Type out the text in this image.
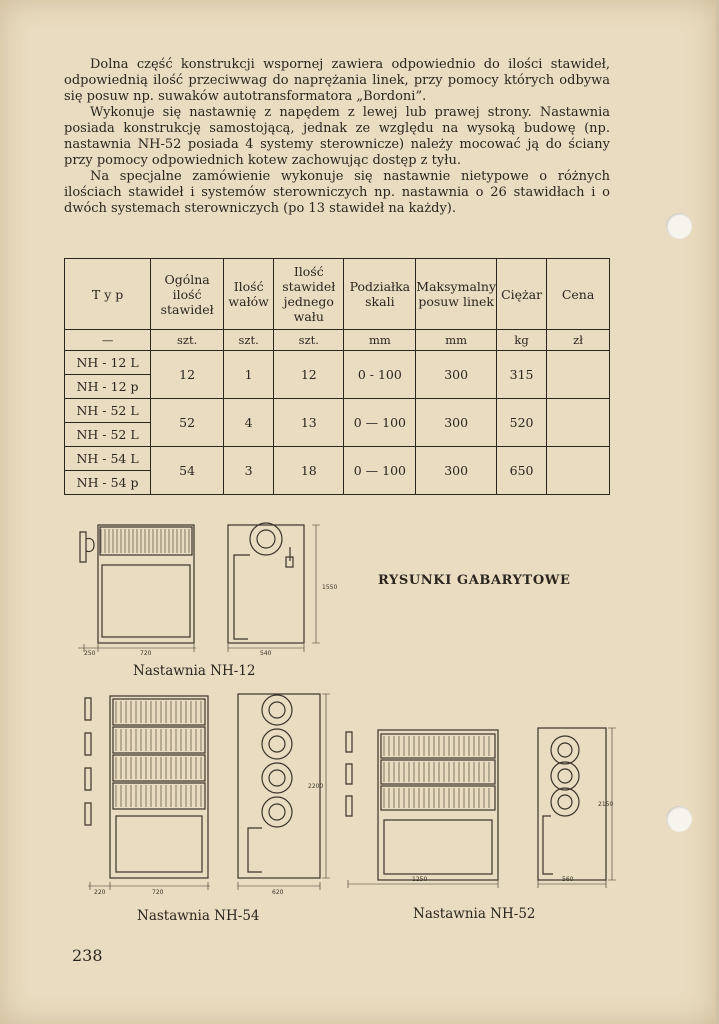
Dolna część konstrukcji wspornej zawiera odpowiednio do ilości stawideł, odpowiednią ilość przeciwwag do naprężania linek, przy pomocy których odbywa się posuw np. suwaków autotransformatora „Bordoni”.

Wykonuje się nastawnię z napędem z lewej lub prawej strony. Nastawnia posiada konstrukcję samostojącą, jednak ze względu na wysoką budowę (np. nastawnia NH-52 posiada 4 systemy sterownicze) należy mocować ją do ściany przy pomocy odpowiednich kotew zachowując dostęp z tyłu.

Na specjalne zamówienie wykonuje się nastawnie nietypowe o różnych ilościach stawideł i systemów sterowniczych np. nastawnia o 26 stawidłach i o dwóch systemach sterowniczych (po 13 stawideł na każdy).

T y p	Ogólna ilość stawideł	Ilość wałów	Ilość stawideł jednego wału	Podziałka skali	Maksymalny posuw linek	Ciężar	Cena
—	szt.	szt.	szt.	mm	mm	kg	zł
NH - 12 L	12	1	12	0 - 100	300	315	
NH - 12 p							
NH - 52 L	52	4	13	0 — 100	300	520	
NH - 52 L							
NH - 54 L	54	3	18	0 — 100	300	650	
NH - 54 p							
250	720	540
1550	RYSUNKI GABARYTOWE
Nastawnia NH-12
220	720	620
2200
1250	560
2150
Nastawnia NH-54	Nastawnia NH-52
238
